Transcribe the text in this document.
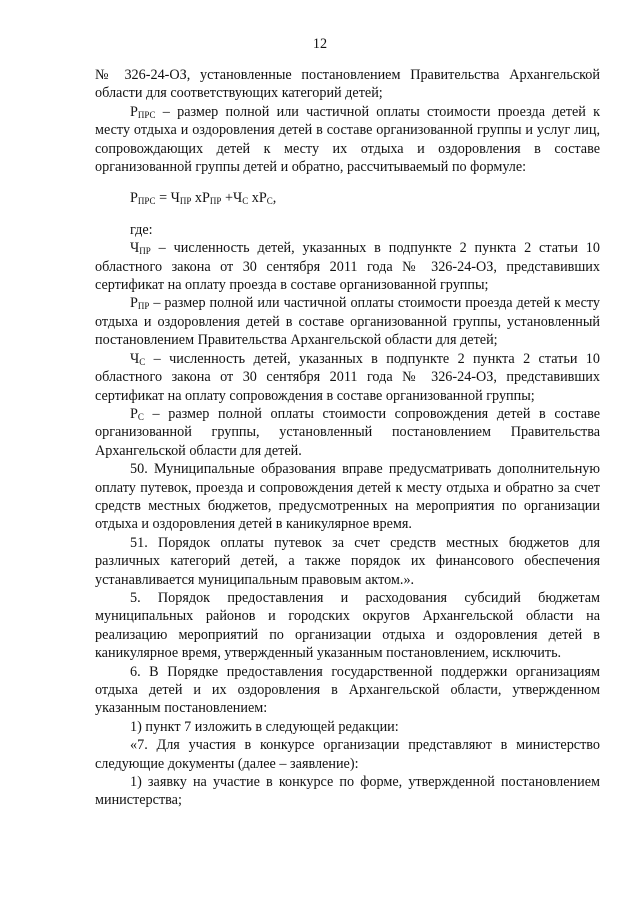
12

№ 326-24-ОЗ, установленные постановлением Правительства Архангельской области для соответствующих категорий детей;

$Р_{ПРС}$ – размер полной или частичной оплаты стоимости проезда детей к месту отдыха и оздоровления детей в составе организованной группы и услуг лиц, сопровождающих детей к месту их отдыха и оздоровления в составе организованной группы детей и обратно, рассчитываемый по формуле:

$Р_{ПРС} = Ч_{ПР}$ $хР_{ПР} +Ч_С$ $хР_С$,

где:

$Ч_{ПР}$ – численность детей, указанных в подпункте 2 пункта 2 статьи 10 областного закона от 30 сентября 2011 года № 326-24-ОЗ, представивших сертификат на оплату проезда в составе организованной группы;

$Р_{ПР}$ – размер полной или частичной оплаты стоимости проезда детей к месту отдыха и оздоровления детей в составе организованной группы, установленный постановлением Правительства Архангельской области для детей;

$Ч_С$ – численность детей, указанных в подпункте 2 пункта 2 статьи 10 областного закона от 30 сентября 2011 года № 326-24-ОЗ, представивших сертификат на оплату сопровождения в составе организованной группы;

$Р_С$ – размер полной оплаты стоимости сопровождения детей в составе организованной группы, установленный постановлением Правительства Архангельской области для детей.

50. Муниципальные образования вправе предусматривать дополнительную оплату путевок, проезда и сопровождения детей к месту отдыха и обратно за счет средств местных бюджетов, предусмотренных на мероприятия по организации отдыха и оздоровления детей в каникулярное время.

51. Порядок оплаты путевок за счет средств местных бюджетов для различных категорий детей, а также порядок их финансового обеспечения устанавливается муниципальным правовым актом.».

5. Порядок предоставления и расходования субсидий бюджетам муниципальных районов и городских округов Архангельской области на реализацию мероприятий по организации отдыха и оздоровления детей в каникулярное время, утвержденный указанным постановлением, исключить.

6. В Порядке предоставления государственной поддержки организациям отдыха детей и их оздоровления в Архангельской области, утвержденном указанным постановлением:

1) пункт 7 изложить в следующей редакции:

«7. Для участия в конкурсе организации представляют в министерство следующие документы (далее – заявление):

1) заявку на участие в конкурсе по форме, утвержденной постановлением министерства;
